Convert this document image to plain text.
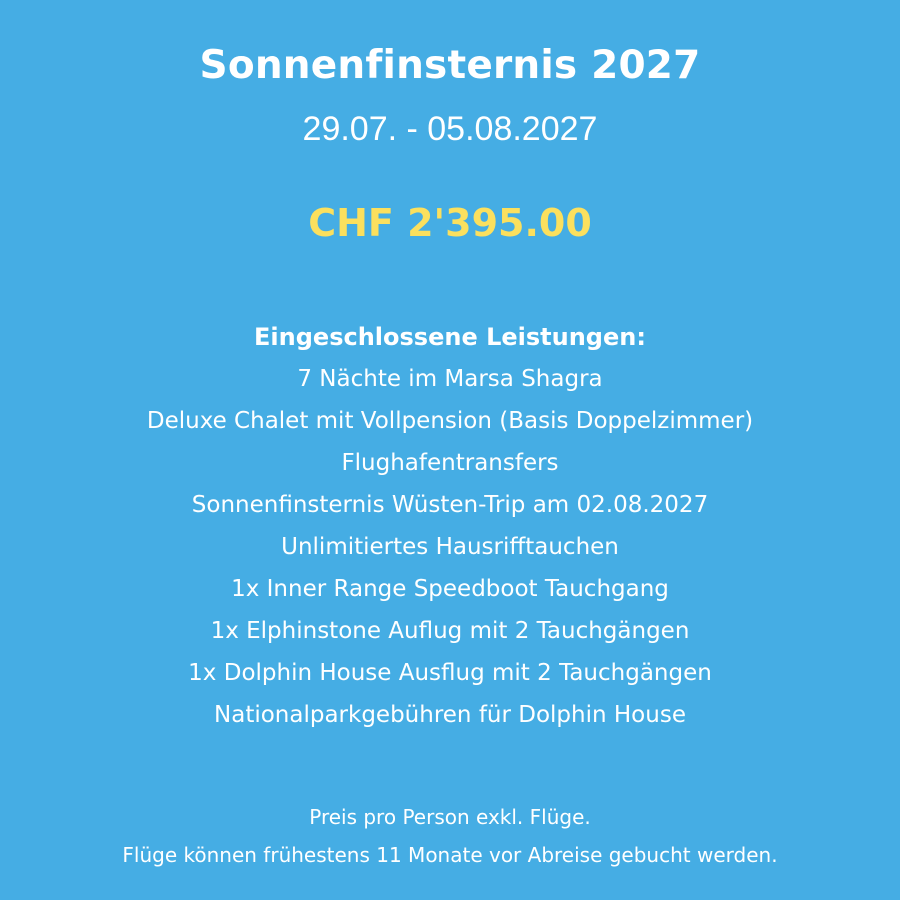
Sonnenfinsternis 2027
29.07. - 05.08.2027
CHF 2'395.00
Eingeschlossene Leistungen:
7 Nächte im Marsa Shagra
Deluxe Chalet mit Vollpension (Basis Doppelzimmer)
Flughafentransfers
Sonnenfinsternis Wüsten-Trip am 02.08.2027
Unlimitiertes Hausrifftauchen
1x Inner Range Speedboot Tauchgang
1x Elphinstone Auflug mit 2 Tauchgängen
1x Dolphin House Ausflug mit 2 Tauchgängen
Nationalparkgebühren für Dolphin House
Preis pro Person exkl. Flüge.
Flüge können frühestens 11 Monate vor Abreise gebucht werden.
